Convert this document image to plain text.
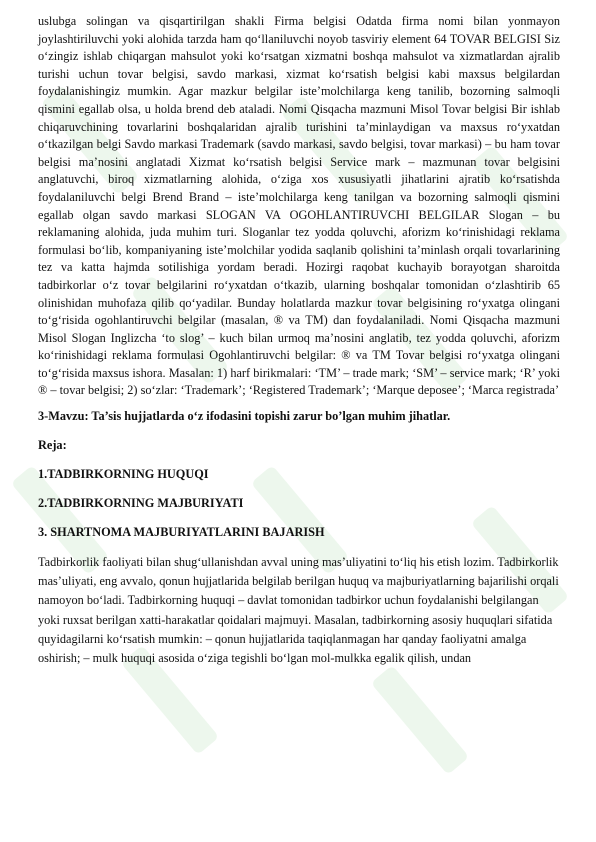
uslubga solingan va qisqartirilgan shakli Firma belgisi Odatda firma nomi bilan yonmayon joylashtiriluvchi yoki alohida tarzda ham qo‘llaniluvchi noyob tasviriy element 64 TOVAR BELGISI Siz o‘zingiz ishlab chiqargan mahsulot yoki ko‘rsatgan xizmatni boshqa mahsulot va xizmatlardan ajralib turishi uchun tovar belgisi, savdo markasi, xizmat ko‘rsatish belgisi kabi maxsus belgilardan foydalanishingiz mumkin. Agar mazkur belgilar iste’molchilarga keng tanilib, bozorning salmoqli qismini egallab olsa, u holda brend deb ataladi. Nomi Qisqacha mazmuni Misol Tovar belgisi Bir ishlab chiqaruvchining tovarlarini boshqalaridan ajralib turishini ta’minlaydigan va maxsus ro‘yxatdan o‘tkazilgan belgi Savdo markasi Trademark (savdo markasi, savdo belgisi, tovar markasi) – bu ham tovar belgisi ma’nosini anglatadi Xizmat ko‘rsatish belgisi Service mark – mazmunan tovar belgisini anglatuvchi, biroq xizmatlarning alohida, o‘ziga xos xususiyatli jihatlarini ajratib ko‘rsatishda foydalaniluvchi belgi Brend Brand – iste’molchilarga keng tanilgan va bozorning salmoqli qismini egallab olgan savdo markasi SLOGAN VA OGOHLANTIRUVCHI BELGILAR Slogan – bu reklamaning alohida, juda muhim turi. Sloganlar tez yodda qoluvchi, aforizm ko‘rinishidagi reklama formulasi bo‘lib, kompaniyaning iste’molchilar yodida saqlanib qolishini ta’minlash orqali tovarlarining tez va katta hajmda sotilishiga yordam beradi. Hozirgi raqobat kuchayib borayotgan sharoitda tadbirkorlar o‘z tovar belgilarini ro‘yxatdan o‘tkazib, ularning boshqalar tomonidan o‘zlashtirib 65 olinishidan muhofaza qilib qo‘yadilar. Bunday holatlarda mazkur tovar belgisining ro‘yxatga olingani to‘g‘risida ogohlantiruvchi belgilar (masalan, ® va TM) dan foydalaniladi. Nomi Qisqacha mazmuni Misol Slogan Inglizcha ‘to slog’ – kuch bilan urmoq ma’nosini anglatib, tez yodda qoluvchi, aforizm ko‘rinishidagi reklama formulasi Ogohlantiruvchi belgilar: ® va TM Tovar belgisi ro‘yxatga olingani to‘g‘risida maxsus ishora. Masalan: 1) harf birikmalari: ‘TM’ – trade mark; ‘SM’ – service mark; ‘R’ yoki ® – tovar belgisi; 2) so‘zlar: ‘Trademark’; ‘Registered Trademark’; ‘Marque deposee’; ‘Marca registrada’

3-Mavzu: Ta’sis hujjatlarda o‘z ifodasini topishi zarur bo’lgan muhim jihatlar.

Reja:

1.TADBIRKORNING HUQUQI

2.TADBIRKORNING MAJBURIYATI

3. SHARTNOMA MAJBURIYATLARINI BAJARISH

Tadbirkorlik faoliyati bilan shug‘ullanishdan avval uning mas’uliyatini to‘liq his etish lozim. Tadbirkorlik mas’uliyati, eng avvalo, qonun hujjatlarida belgilab berilgan huquq va majburiyatlarning bajarilishi orqali namoyon bo‘ladi. Tadbirkorning huquqi – davlat tomonidan tadbirkor uchun foydalanishi belgilangan yoki ruxsat berilgan xatti-harakatlar qoidalari majmuyi. Masalan, tadbirkorning asosiy huquqlari sifatida quyidagilarni ko‘rsatish mumkin: – qonun hujjatlarida taqiqlanmagan har qanday faoliyatni amalga oshirish; – mulk huquqi asosida o‘ziga tegishli bo‘lgan mol-mulkka egalik qilish, undan
